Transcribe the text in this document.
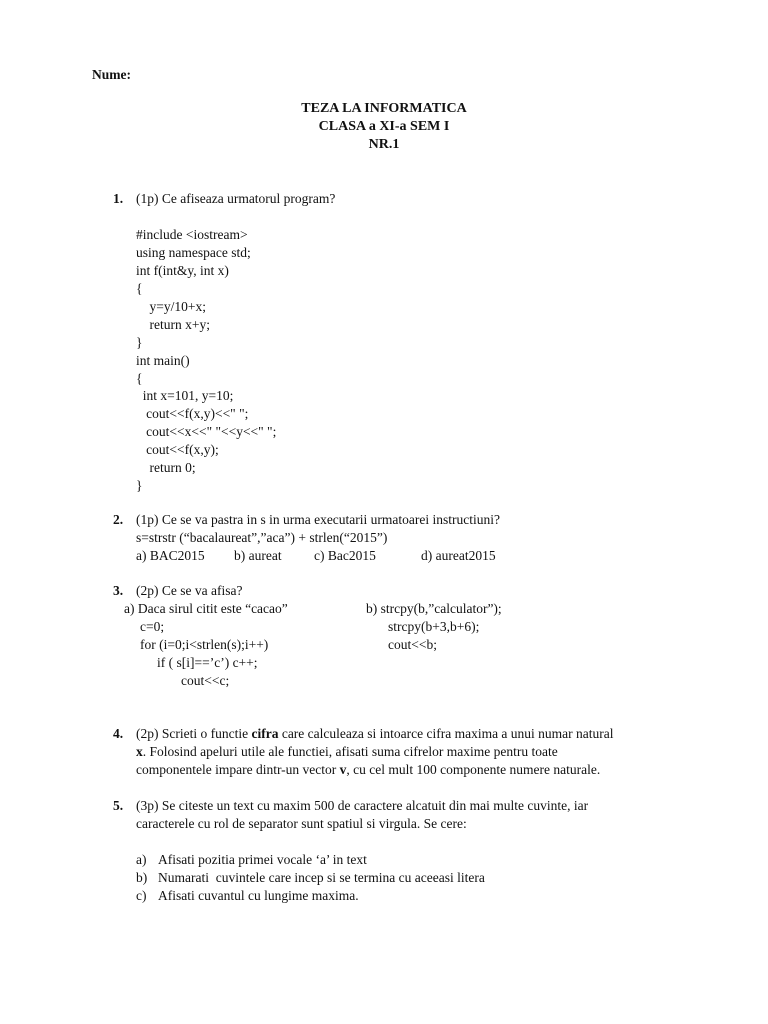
Nume:
TEZA LA INFORMATICA
CLASA a XI-a SEM I
NR.1
1. (1p) Ce afiseaza urmatorul program?
#include <iostream>
using namespace std;
int f(int&y, int x)
{
y=y/10+x;
return x+y;
}
int main()
{
int x=101, y=10;
cout<<f(x,y)<<" ";
cout<<x<<" "<<y<<" ";
cout<<f(x,y);
return 0;
}
2. (1p) Ce se va pastra in s in urma executarii urmatoarei instructiuni?
s=strstr (“bacalaureat”,”aca”) + strlen(“2015”)
a) BAC2015 b) aureat c) Bac2015	d) aureat2015
3. (2p) Ce se va afisa?
a) Daca sirul citit este “cacao”
c=0;
for (i=0;i<strlen(s);i++)
if ( s[i]==’c’) c++;
cout<<c;
b) strcpy(b,”calculator”);
strcpy(b+3,b+6);
cout<<b;
4. (2p) Scrieti o functie cifra care calculeaza si intoarce cifra maxima a unui numar natural
x. Folosind apeluri utile ale functiei, afisati suma cifrelor maxime pentru toate
componentele impare dintr-un vector v, cu cel mult 100 componente numere naturale.
5. (3p) Se citeste un text cu maxim 500 de caractere alcatuit din mai multe cuvinte, iar
caracterele cu rol de separator sunt spatiul si virgula. Se cere:
a) Afisati pozitia primei vocale ‘a’ in text
b) Numarati  cuvintele care incep si se termina cu aceeasi litera
c) Afisati cuvantul cu lungime maxima.
